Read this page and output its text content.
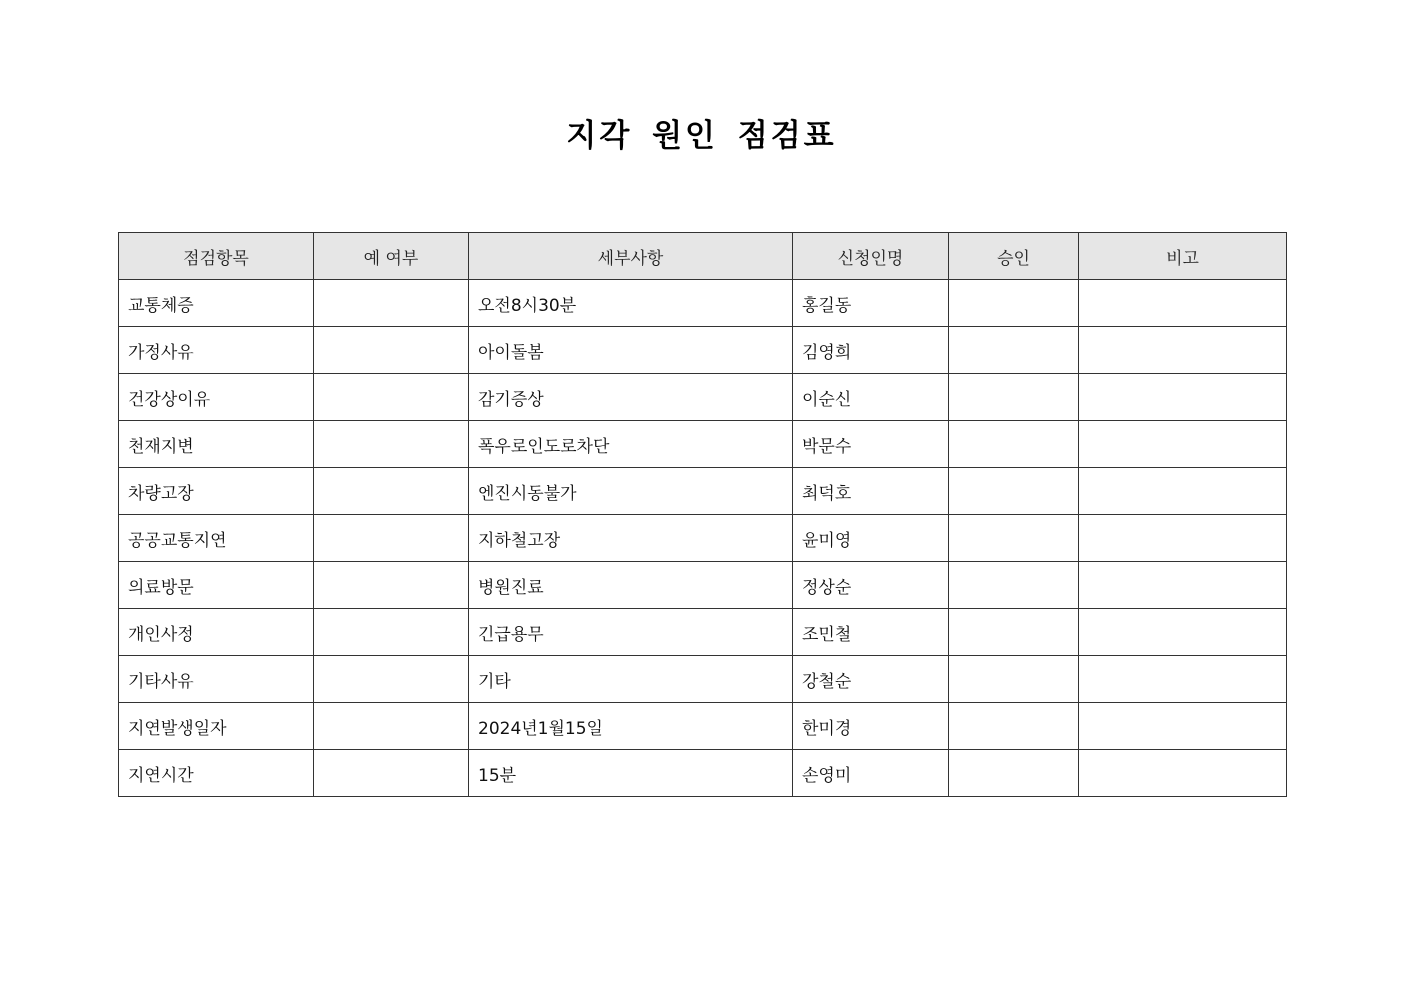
지각 원인 점검표
점검항목	예 여부	세부사항	신청인명	승인	비고
교통체증		오전8시30분	홍길동		
가정사유		아이돌봄	김영희		
건강상이유		감기증상	이순신		
천재지변		폭우로인도로차단	박문수		
차량고장		엔진시동불가	최덕호		
공공교통지연		지하철고장	윤미영		
의료방문		병원진료	정상순		
개인사정		긴급용무	조민철		
기타사유		기타	강철순		
지연발생일자		2024년1월15일	한미경		
지연시간		15분	손영미		
